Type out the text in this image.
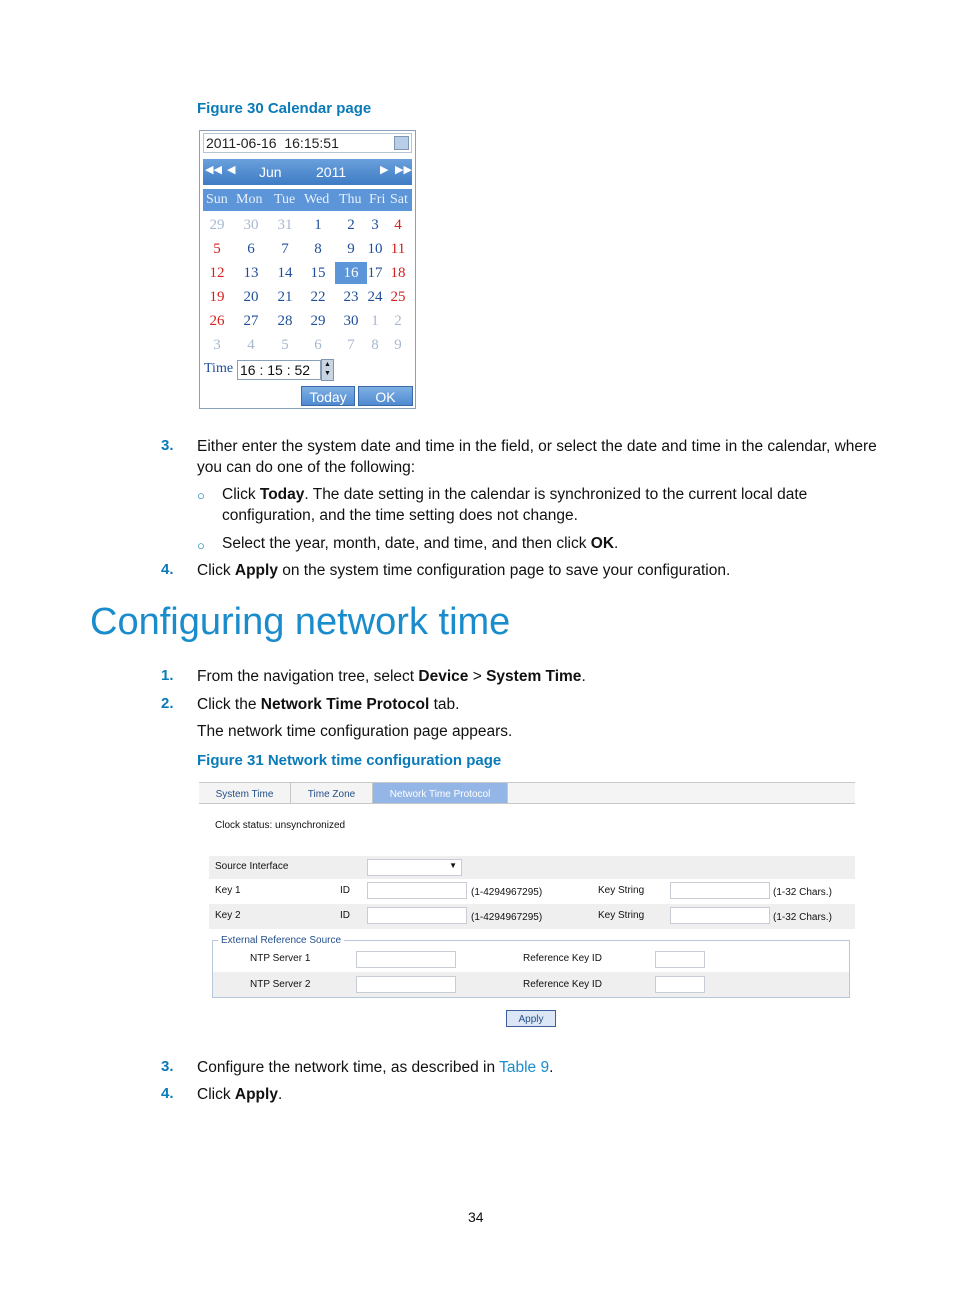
Figure 30 Calendar page
2011-06-16  16:15:51
◀◀ ◀ Jun 2011	▶ ▶▶
Sun Mon Tue Wed Thu Fri Sat
29	30	31	1	2	3	4
5	6	7	8	9 10 11
12	13	14	15	16 17 18
19	20	21	22	23 24 25
26	27	28	29	30 1	2
3	4	5	6	7	8	9
Time 16 : 15 : 52	▲
▼
Today	OK
3. Either enter the system date and time in the field, or select the date and time in the calendar, where
you can do one of the following:
○ Click Today. The date setting in the calendar is synchronized to the current local date
configuration, and the time setting does not change.
○ Select the year, month, date, and time, and then click OK.
4. Click Apply on the system time configuration page to save your configuration.
Configuring network time
1. From the navigation tree, select Device > System Time.
2. Click the Network Time Protocol tab.
The network time configuration page appears.
Figure 31 Network time configuration page
System Time	Time Zone	Network Time Protocol
Clock status: unsynchronized
Source Interface	▼
Key 1	ID	(1-4294967295)	Key String	(1-32 Chars.)
Key 2	ID	(1-4294967295)	Key String	(1-32 Chars.)
External Reference Source
NTP Server 1	Reference Key ID
NTP Server 2	Reference Key ID
Apply
3. Configure the network time, as described in Table 9.
4. Click Apply.
34
